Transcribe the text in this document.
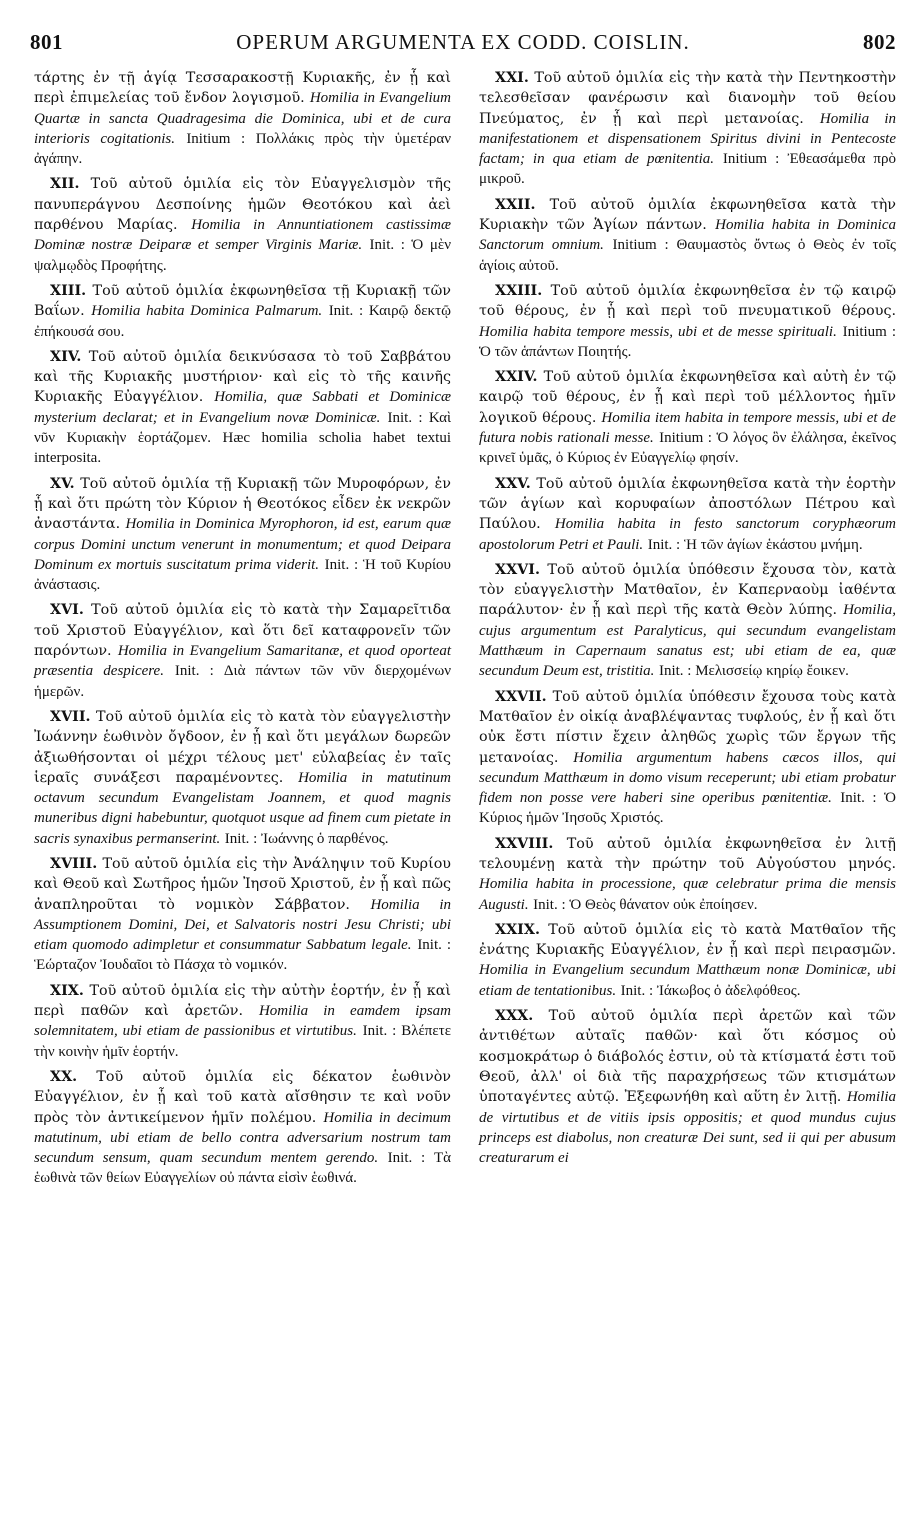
801	OPERUM ARGUMENTA EX CODD. COISLIN.	802

τάρτης ἐν τῇ ἁγίᾳ Τεσσαρακοστῇ Κυριακῆς, ἐν ᾗ καὶ περὶ ἐπιμελείας τοῦ ἔνδον λογισμοῦ. Homilia in Evangelium Quartæ in sancta Quadragesima die Dominica, ubi et de cura interioris cogitationis. Initium : Πολλάκις πρὸς τὴν ὑμετέραν ἀγάπην.

XII. Τοῦ αὐτοῦ ὁμιλία εἰς τὸν Εὐαγγελισμὸν τῆς πανυπεράγνου Δεσποίνης ἡμῶν Θεοτόκου καὶ ἀεὶ παρθένου Μαρίας. Homilia in Annuntiationem castissimæ Dominæ nostræ Deiparæ et semper Virginis Mariæ. Init. : Ὁ μὲν ψαλμῳδὸς Προφήτης.

XIII. Τοῦ αὐτοῦ ὁμιλία ἐκφωνηθεῖσα τῇ Κυριακῇ τῶν Βαΐων. Homilia habita Dominica Palmarum. Init. : Καιρῷ δεκτῷ ἐπήκουσά σου.

XIV. Τοῦ αὐτοῦ ὁμιλία δεικνύσασα τὸ τοῦ Σαββάτου καὶ τῆς Κυριακῆς μυστήριον· καὶ εἰς τὸ τῆς καινῆς Κυριακῆς Εὐαγγέλιον. Homilia, quæ Sabbati et Dominicæ mysterium declarat; et in Evangelium novæ Dominicæ. Init. : Καὶ νῦν Κυριακὴν ἑορτάζομεν. Hæc homilia scholia habet textui interposita.

XV. Τοῦ αὐτοῦ ὁμιλία τῇ Κυριακῇ τῶν Μυροφόρων, ἐν ᾗ καὶ ὅτι πρώτη τὸν Κύριον ἡ Θεοτόκος εἶδεν ἐκ νεκρῶν ἀναστάντα. Homilia in Dominica Myrophoron, id est, earum quæ corpus Domini unctum venerunt in monumentum; et quod Deipara Dominum ex mortuis suscitatum prima viderit. Init. : Ἡ τοῦ Κυρίου ἀνάστασις.

XVI. Τοῦ αὐτοῦ ὁμιλία εἰς τὸ κατὰ τὴν Σαμαρεῖτιδα τοῦ Χριστοῦ Εὐαγγέλιον, καὶ ὅτι δεῖ καταφρονεῖν τῶν παρόντων. Homilia in Evangelium Samaritanæ, et quod oporteat præsentia despicere. Init. : Διὰ πάντων τῶν νῦν διερχομένων ἡμερῶν.

XVII. Τοῦ αὐτοῦ ὁμιλία εἰς τὸ κατὰ τὸν εὐαγγελιστὴν Ἰωάννην ἑωθινὸν ὄγδοον, ἐν ᾗ καὶ ὅτι μεγάλων δωρεῶν ἀξιωθήσονται οἱ μέχρι τέλους μετ' εὐλαβείας ἐν ταῖς ἱεραῖς συνάξεσι παραμένοντες. Homilia in matutinum octavum secundum Evangelistam Joannem, et quod magnis muneribus digni habebuntur, quotquot usque ad finem cum pietate in sacris synaxibus permanserint. Init. : Ἰωάννης ὁ παρθένος.

XVIII. Τοῦ αὐτοῦ ὁμιλία εἰς τὴν Ἀνάληψιν τοῦ Κυρίου καὶ Θεοῦ καὶ Σωτῆρος ἡμῶν Ἰησοῦ Χριστοῦ, ἐν ᾗ καὶ πῶς ἀναπληροῦται τὸ νομικὸν Σάββατον. Homilia in Assumptionem Domini, Dei, et Salvatoris nostri Jesu Christi; ubi etiam quomodo adimpletur et consummatur Sabbatum legale. Init. : Ἑώρταζον Ἰουδαῖοι τὸ Πάσχα τὸ νομικόν.

XIX. Τοῦ αὐτοῦ ὁμιλία εἰς τὴν αὐτὴν ἑορτήν, ἐν ᾗ καὶ περὶ παθῶν καὶ ἀρετῶν. Homilia in eamdem ipsam solemnitatem, ubi etiam de passionibus et virtutibus. Init. : Βλέπετε τὴν κοινὴν ἡμῖν ἑορτήν.

XX. Τοῦ αὐτοῦ ὁμιλία εἰς δέκατον ἑωθινὸν Εὐαγγέλιον, ἐν ᾗ καὶ τοῦ κατὰ αἴσθησιν τε καὶ νοῦν πρὸς τὸν ἀντικείμενον ἡμῖν πολέμου. Homilia in decimum matutinum, ubi etiam de bello contra adversarium nostrum tam secundum sensum, quam secundum mentem gerendo. Init. : Τὰ ἑωθινὰ τῶν θείων Εὐαγγελίων οὐ πάντα εἰσὶν ἑωθινά.

XXI. Τοῦ αὐτοῦ ὁμιλία εἰς τὴν κατὰ τὴν Πεντηκοστὴν τελεσθεῖσαν φανέρωσιν καὶ διανομὴν τοῦ θείου Πνεύματος, ἐν ᾗ καὶ περὶ μετανοίας. Homilia in manifestationem et dispensationem Spiritus divini in Pentecoste factam; in qua etiam de pœnitentia. Initium : Ἐθεασάμεθα πρὸ μικροῦ.

XXII. Τοῦ αὐτοῦ ὁμιλία ἐκφωνηθεῖσα κατὰ τὴν Κυριακὴν τῶν Ἁγίων πάντων. Homilia habita in Dominica Sanctorum omnium. Initium : Θαυμαστὸς ὄντως ὁ Θεὸς ἐν τοῖς ἁγίοις αὐτοῦ.

XXIII. Τοῦ αὐτοῦ ὁμιλία ἐκφωνηθεῖσα ἐν τῷ καιρῷ τοῦ θέρους, ἐν ᾗ καὶ περὶ τοῦ πνευματικοῦ θέρους. Homilia habita tempore messis, ubi et de messe spirituali. Initium : Ὁ τῶν ἁπάντων Ποιητής.

XXIV. Τοῦ αὐτοῦ ὁμιλία ἐκφωνηθεῖσα καὶ αὐτὴ ἐν τῷ καιρῷ τοῦ θέρους, ἐν ᾗ καὶ περὶ τοῦ μέλλοντος ἡμῖν λογικοῦ θέρους. Homilia item habita in tempore messis, ubi et de futura nobis rationali messe. Initium : Ὁ λόγος ὃν ἐλάλησα, ἐκεῖνος κρινεῖ ὑμᾶς, ὁ Κύριος ἐν Εὐαγγελίῳ φησίν.

XXV. Τοῦ αὐτοῦ ὁμιλία ἐκφωνηθεῖσα κατὰ τὴν ἑορτὴν τῶν ἁγίων καὶ κορυφαίων ἀποστόλων Πέτρου καὶ Παύλου. Homilia habita in festo sanctorum coryphæorum apostolorum Petri et Pauli. Init. : Ἡ τῶν ἁγίων ἑκάστου μνήμη.

XXVI. Τοῦ αὐτοῦ ὁμιλία ὑπόθεσιν ἔχουσα τὸν, κατὰ τὸν εὐαγγελιστὴν Ματθαῖον, ἐν Καπερναοὺμ ἰαθέντα παράλυτον· ἐν ᾗ καὶ περὶ τῆς κατὰ Θεὸν λύπης. Homilia, cujus argumentum est Paralyticus, qui secundum evangelistam Matthæum in Capernaum sanatus est; ubi etiam de ea, quæ secundum Deum est, tristitia. Init. : Μελισσείῳ κηρίῳ ἔοικεν.

XXVII. Τοῦ αὐτοῦ ὁμιλία ὑπόθεσιν ἔχουσα τοὺς κατὰ Ματθαῖον ἐν οἰκίᾳ ἀναβλέψαντας τυφλούς, ἐν ᾗ καὶ ὅτι οὐκ ἔστι πίστιν ἔχειν ἀληθῶς χωρὶς τῶν ἔργων τῆς μετανοίας. Homilia argumentum habens cæcos illos, qui secundum Matthæum in domo visum receperunt; ubi etiam probatur fidem non posse vere haberi sine operibus pœnitentiæ. Init. : Ὁ Κύριος ἡμῶν Ἰησοῦς Χριστός.

XXVIII. Τοῦ αὐτοῦ ὁμιλία ἐκφωνηθεῖσα ἐν λιτῇ τελουμένῃ κατὰ τὴν πρώτην τοῦ Αὐγούστου μηνός. Homilia habita in processione, quæ celebratur prima die mensis Augusti. Init. : Ὁ Θεὸς θάνατον οὐκ ἐποίησεν.

XXIX. Τοῦ αὐτοῦ ὁμιλία εἰς τὸ κατὰ Ματθαῖον τῆς ἐνάτης Κυριακῆς Εὐαγγέλιον, ἐν ᾗ καὶ περὶ πειρασμῶν. Homilia in Evangelium secundum Matthæum nonæ Dominicæ, ubi etiam de tentationibus. Init. : Ἰάκωβος ὁ ἀδελφόθεος.

XXX. Τοῦ αὐτοῦ ὁμιλία περὶ ἀρετῶν καὶ τῶν ἀντιθέτων αὐταῖς παθῶν· καὶ ὅτι κόσμος οὐ κοσμοκράτωρ ὁ διάβολός ἐστιν, οὐ τὰ κτίσματά ἐστι τοῦ Θεοῦ, ἀλλ' οἱ διὰ τῆς παραχρήσεως τῶν κτισμάτων ὑποταγέντες αὐτῷ. Ἐξεφωνήθη καὶ αὕτη ἐν λιτῇ. Homilia de virtutibus et de vitiis ipsis oppositis; et quod mundus cujus princeps est diabolus, non creaturæ Dei sunt, sed ii qui per abusum creaturarum ei
